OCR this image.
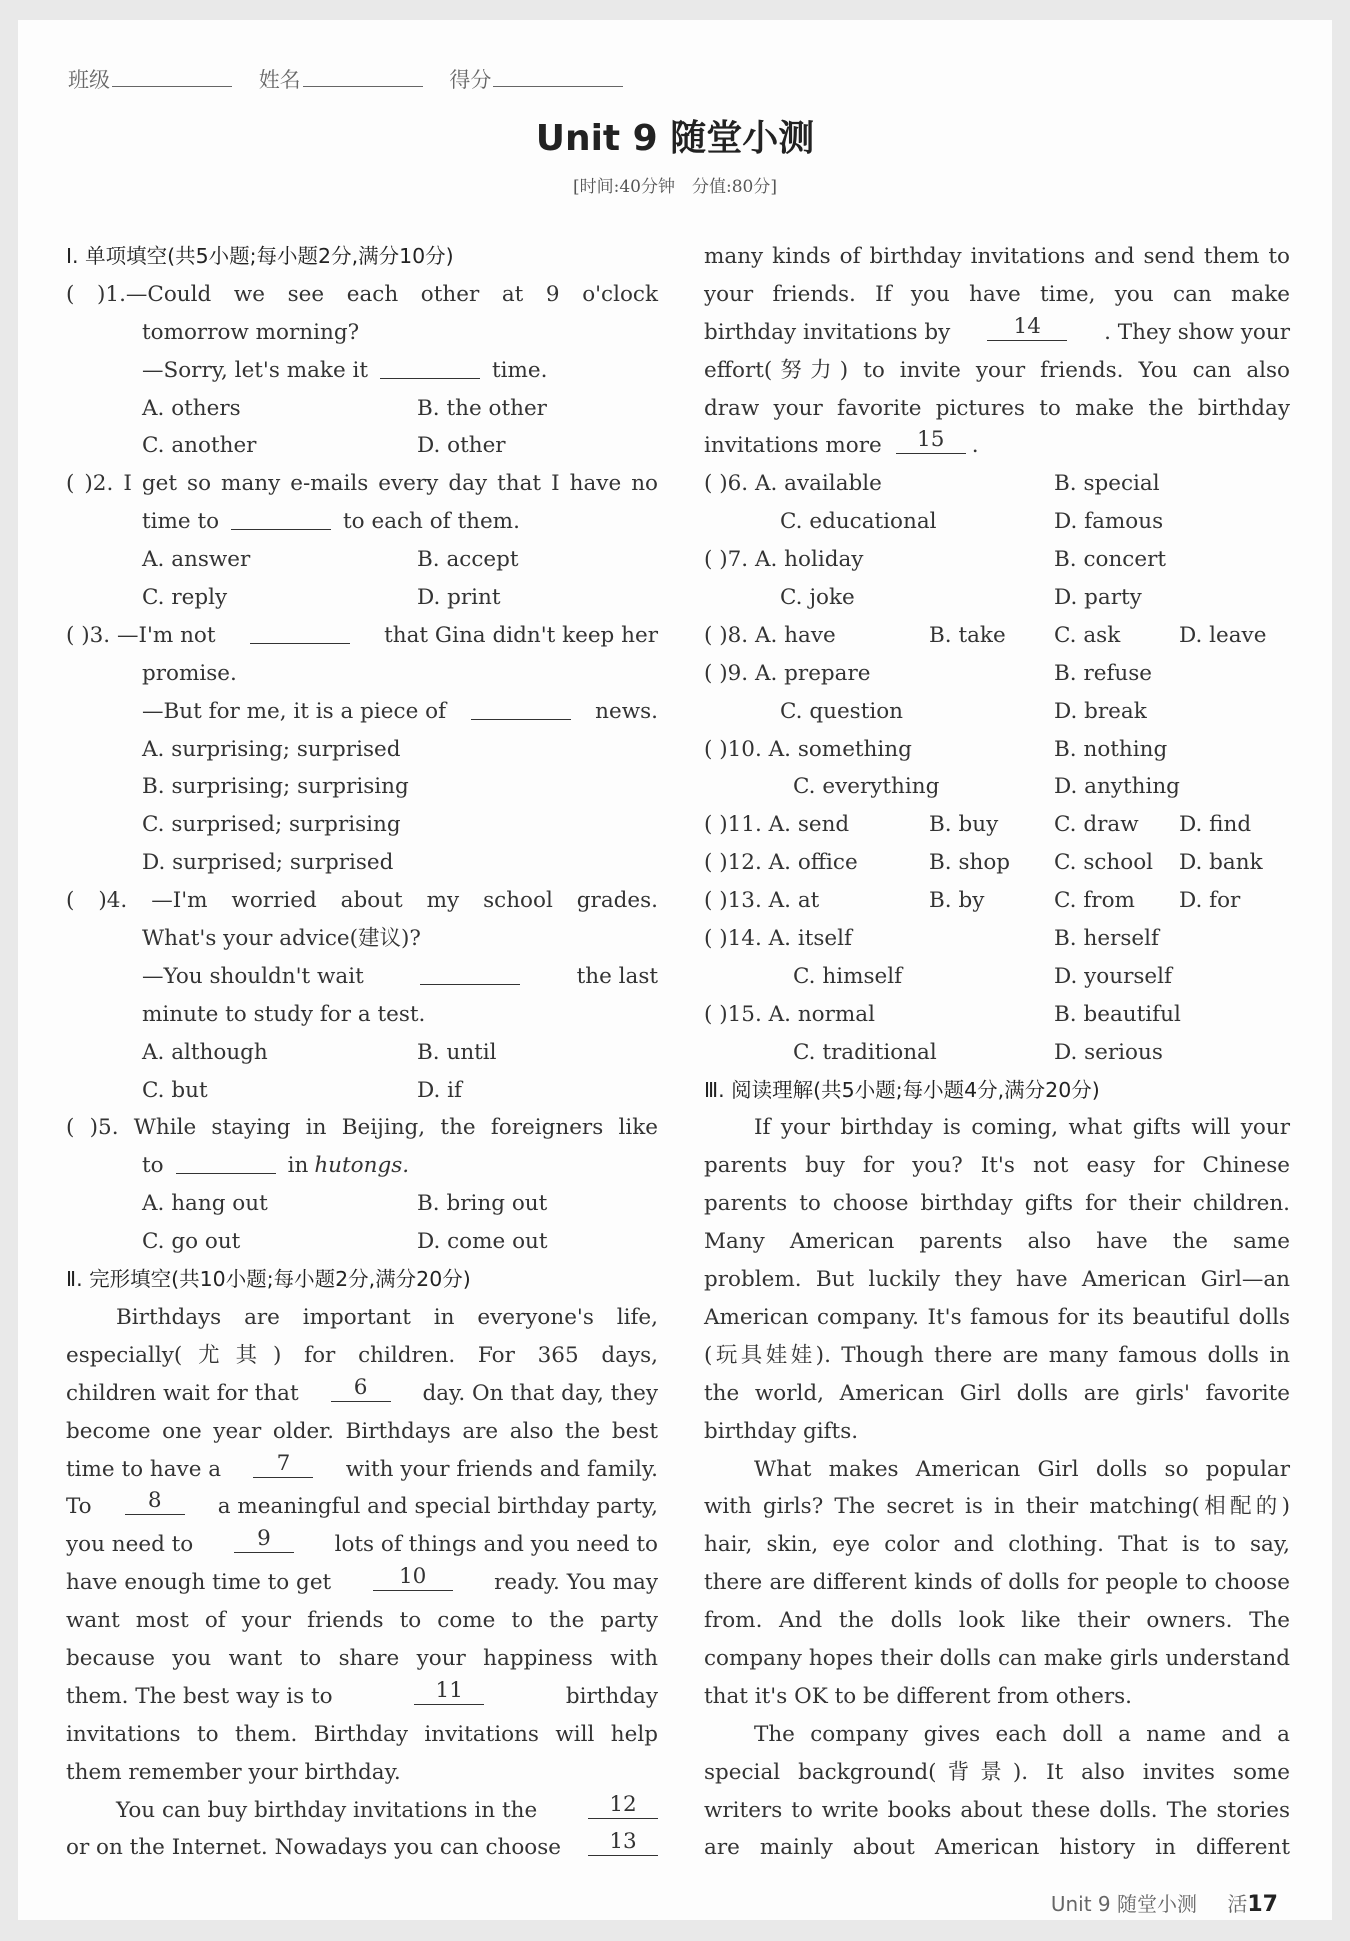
班级	姓名	得分
Unit 9 随堂小测
[时间:40分钟　分值:80分]
Ⅰ. 单项填空(共5小题;每小题2分,满分10分)
( )1.—Could we see each other at 9 o'clock
tomorrow morning?
—Sorry, let's make it	time.
A. others	B. the other
C. another	D. other
( )2. I get so many e-mails every day that I have no
time to	to each of them.
A. answer	B. accept
C. reply	D. print
( )3. —I'm not	that Gina didn't keep her
promise.
—But for me, it is a piece of	news.
A. surprising; surprised
B. surprising; surprising
C. surprised; surprising
D. surprised; surprised
( )4. —I'm worried about my school grades.
What's your advice(建议)?
—You shouldn't wait	the last
minute to study for a test.
A. although	B. until
C. but	D. if
( )5. While staying in Beijing, the foreigners like
to	in hutongs.
A. hang out	B. bring out
C. go out	D. come out
Ⅱ. 完形填空(共10小题;每小题2分,满分20分)
Birthdays are important in everyone's life,
especially(尤其) for children. For 365 days,
children wait for that	6	day. On that day, they
become one year older. Birthdays are also the best
time to have a	7	with your friends and family.
To	8	a meaningful and special birthday party,
you need to	9	lots of things and you need to
have enough time to get	10	ready. You may
want most of your friends to come to the party
because you want to share your happiness with
them. The best way is to	11	birthday
invitations to them. Birthday invitations will help
them remember your birthday.
You can buy birthday invitations in the	12
or on the Internet. Nowadays you can choose	13
many kinds of birthday invitations and send them to
your friends. If you have time, you can make
birthday invitations by	14	. They show your
effort(努力) to invite your friends. You can also
draw your favorite pictures to make the birthday
invitations more	15	.
( )6. A. available	B. special
C. educational	D. famous
( )7. A. holiday	B. concert
C. joke	D. party
( )8. A. have	B. take	C. ask	D. leave
( )9. A. prepare	B. refuse
C. question	D. break
( )10. A. something	B. nothing
C. everything	D. anything
( )11. A. send	B. buy	C. draw	D. find
( )12. A. office	B. shop	C. school	D. bank
( )13. A. at	B. by	C. from	D. for
( )14. A. itself	B. herself
C. himself	D. yourself
( )15. A. normal	B. beautiful
C. traditional	D. serious
Ⅲ. 阅读理解(共5小题;每小题4分,满分20分)
If your birthday is coming, what gifts will your
parents buy for you? It's not easy for Chinese
parents to choose birthday gifts for their children.
Many American parents also have the same
problem. But luckily they have American Girl—an
American company. It's famous for its beautiful dolls
(玩具娃娃). Though there are many famous dolls in
the world, American Girl dolls are girls' favorite
birthday gifts.
What makes American Girl dolls so popular
with girls? The secret is in their matching(相配的)
hair, skin, eye color and clothing. That is to say,
there are different kinds of dolls for people to choose
from. And the dolls look like their owners. The
company hopes their dolls can make girls understand
that it's OK to be different from others.
The company gives each doll a name and a
special background(背景). It also invites some
writers to write books about these dolls. The stories
are mainly about American history in different
Unit 9 随堂小测 活17
